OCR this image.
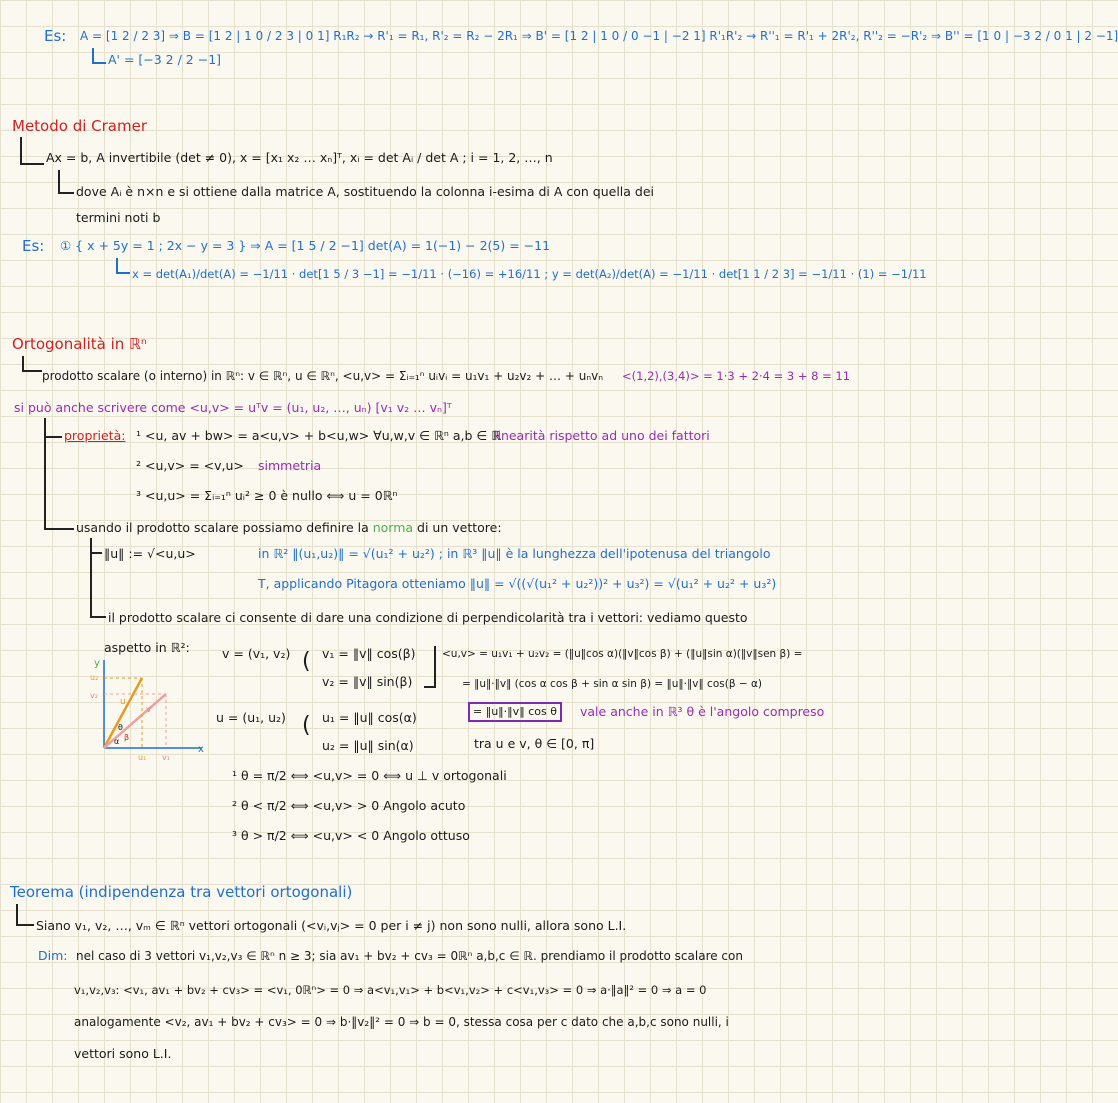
Es: A = [1 2 / 2 3] ⇒ B = [1 2 | 1 0 / 2 3 | 0 1] R₁R₂ → R'₁ = R₁, R'₂ = R₂ − 2R₁ ⇒ B' = [1 2 | 1 0 / 0 −1 | −2 1] R'₁R'₂ → R''₁ = R'₁ + 2R'₂, R''₂ = −R'₂ ⇒ B'' = [1 0 | −3 2 / 0 1 | 2 −1]
A' = [−3 2 / 2 −1]
Metodo di Cramer
Ax = b, A invertibile (det ≠ 0), x = [x₁ x₂ … xₙ]ᵀ, xᵢ = det Aᵢ / det A ; i = 1, 2, …, n
dove Aᵢ è n×n e si ottiene dalla matrice A, sostituendo la colonna i-esima di A con quella dei
termini noti b
Es: ① { x + 5y = 1 ; 2x − y = 3 } ⇒ A = [1 5 / 2 −1] det(A) = 1(−1) − 2(5) = −11
x = det(A₁)/det(A) = −1/11 · det[1 5 / 3 −1] = −1/11 · (−16) = +16/11 ; y = det(A₂)/det(A) = −1/11 · det[1 1 / 2 3] = −1/11 · (1) = −1/11
Ortogonalità in ℝⁿ
prodotto scalare (o interno) in ℝⁿ: v ∈ ℝⁿ, u ∈ ℝⁿ, <u,v> = Σᵢ₌₁ⁿ uᵢvᵢ = u₁v₁ + u₂v₂ + … + uₙvₙ <(1,2),(3,4)> = 1·3 + 2·4 = 3 + 8 = 11
si può anche scrivere come <u,v> = uᵀv = (u₁, u₂, …, uₙ) [v₁ v₂ … vₙ]ᵀ
proprietà: ¹ <u, av + bw> = a<u,v> + b<u,w> ∀u,w,v ∈ ℝⁿ a,b ∈ ℝ
linearità rispetto ad uno dei fattori
² <u,v> = <v,u> simmetria
³ <u,u> = Σᵢ₌₁ⁿ uᵢ² ≥ 0 è nullo ⟺ u = 0ℝⁿ
usando il prodotto scalare possiamo definire la norma di un vettore:
‖u‖ := √<u,u>	in ℝ² ‖(u₁,u₂)‖ = √(u₁² + u₂²) ; in ℝ³ ‖u‖ è la lunghezza dell'ipotenusa del triangolo
T, applicando Pitagora otteniamo ‖u‖ = √((√(u₁² + u₂²))² + u₃²) = √(u₁² + u₂² + u₃²)
il prodotto scalare ci consente di dare una condizione di perpendicolarità tra i vettori: vediamo questo
aspetto in ℝ²:	v = (v₁, v₂) ( v₁ = ‖v‖ cos(β)
v₂ = ‖v‖ sin(β)
u = (u₁, u₂) ( u₁ = ‖u‖ cos(α)
u₂ = ‖u‖ sin(α)
<u,v> = u₁v₁ + u₂v₂ = (‖u‖cos α)(‖v‖cos β) + (‖u‖sin α)(‖v‖sen β) =
= ‖u‖·‖v‖ (cos α cos β + sin α sin β) = ‖u‖·‖v‖ cos(β − α)
= ‖u‖·‖v‖ cos θ	vale anche in ℝ³ θ è l'angolo compreso
tra u e v, θ ∈ [0, π]
¹ θ = π/2 ⟺ <u,v> = 0 ⟺ u ⊥ v ortogonali
² θ < π/2 ⟺ <u,v> > 0 Angolo acuto
³ θ > π/2 ⟺ <u,v> < 0 Angolo ottuso
y
x
u₁ v₁
u₂
v₂
u
v
α β
θ
Teorema (indipendenza tra vettori ortogonali)
Siano v₁, v₂, …, vₘ ∈ ℝⁿ vettori ortogonali (<vᵢ,vⱼ> = 0 per i ≠ j) non sono nulli, allora sono L.I.
Dim: nel caso di 3 vettori v₁,v₂,v₃ ∈ ℝⁿ n ≥ 3; sia av₁ + bv₂ + cv₃ = 0ℝⁿ a,b,c ∈ ℝ. prendiamo il prodotto scalare con
v₁,v₂,v₃: <v₁, av₁ + bv₂ + cv₃> = <v₁, 0ℝⁿ> = 0 ⇒ a<v₁,v₁> + b<v₁,v₂> + c<v₁,v₃> = 0 ⇒ a·‖a‖² = 0 ⇒ a = 0
analogamente <v₂, av₁ + bv₂ + cv₃> = 0 ⇒ b·‖v₂‖² = 0 ⇒ b = 0, stessa cosa per c dato che a,b,c sono nulli, i
vettori sono L.I.
